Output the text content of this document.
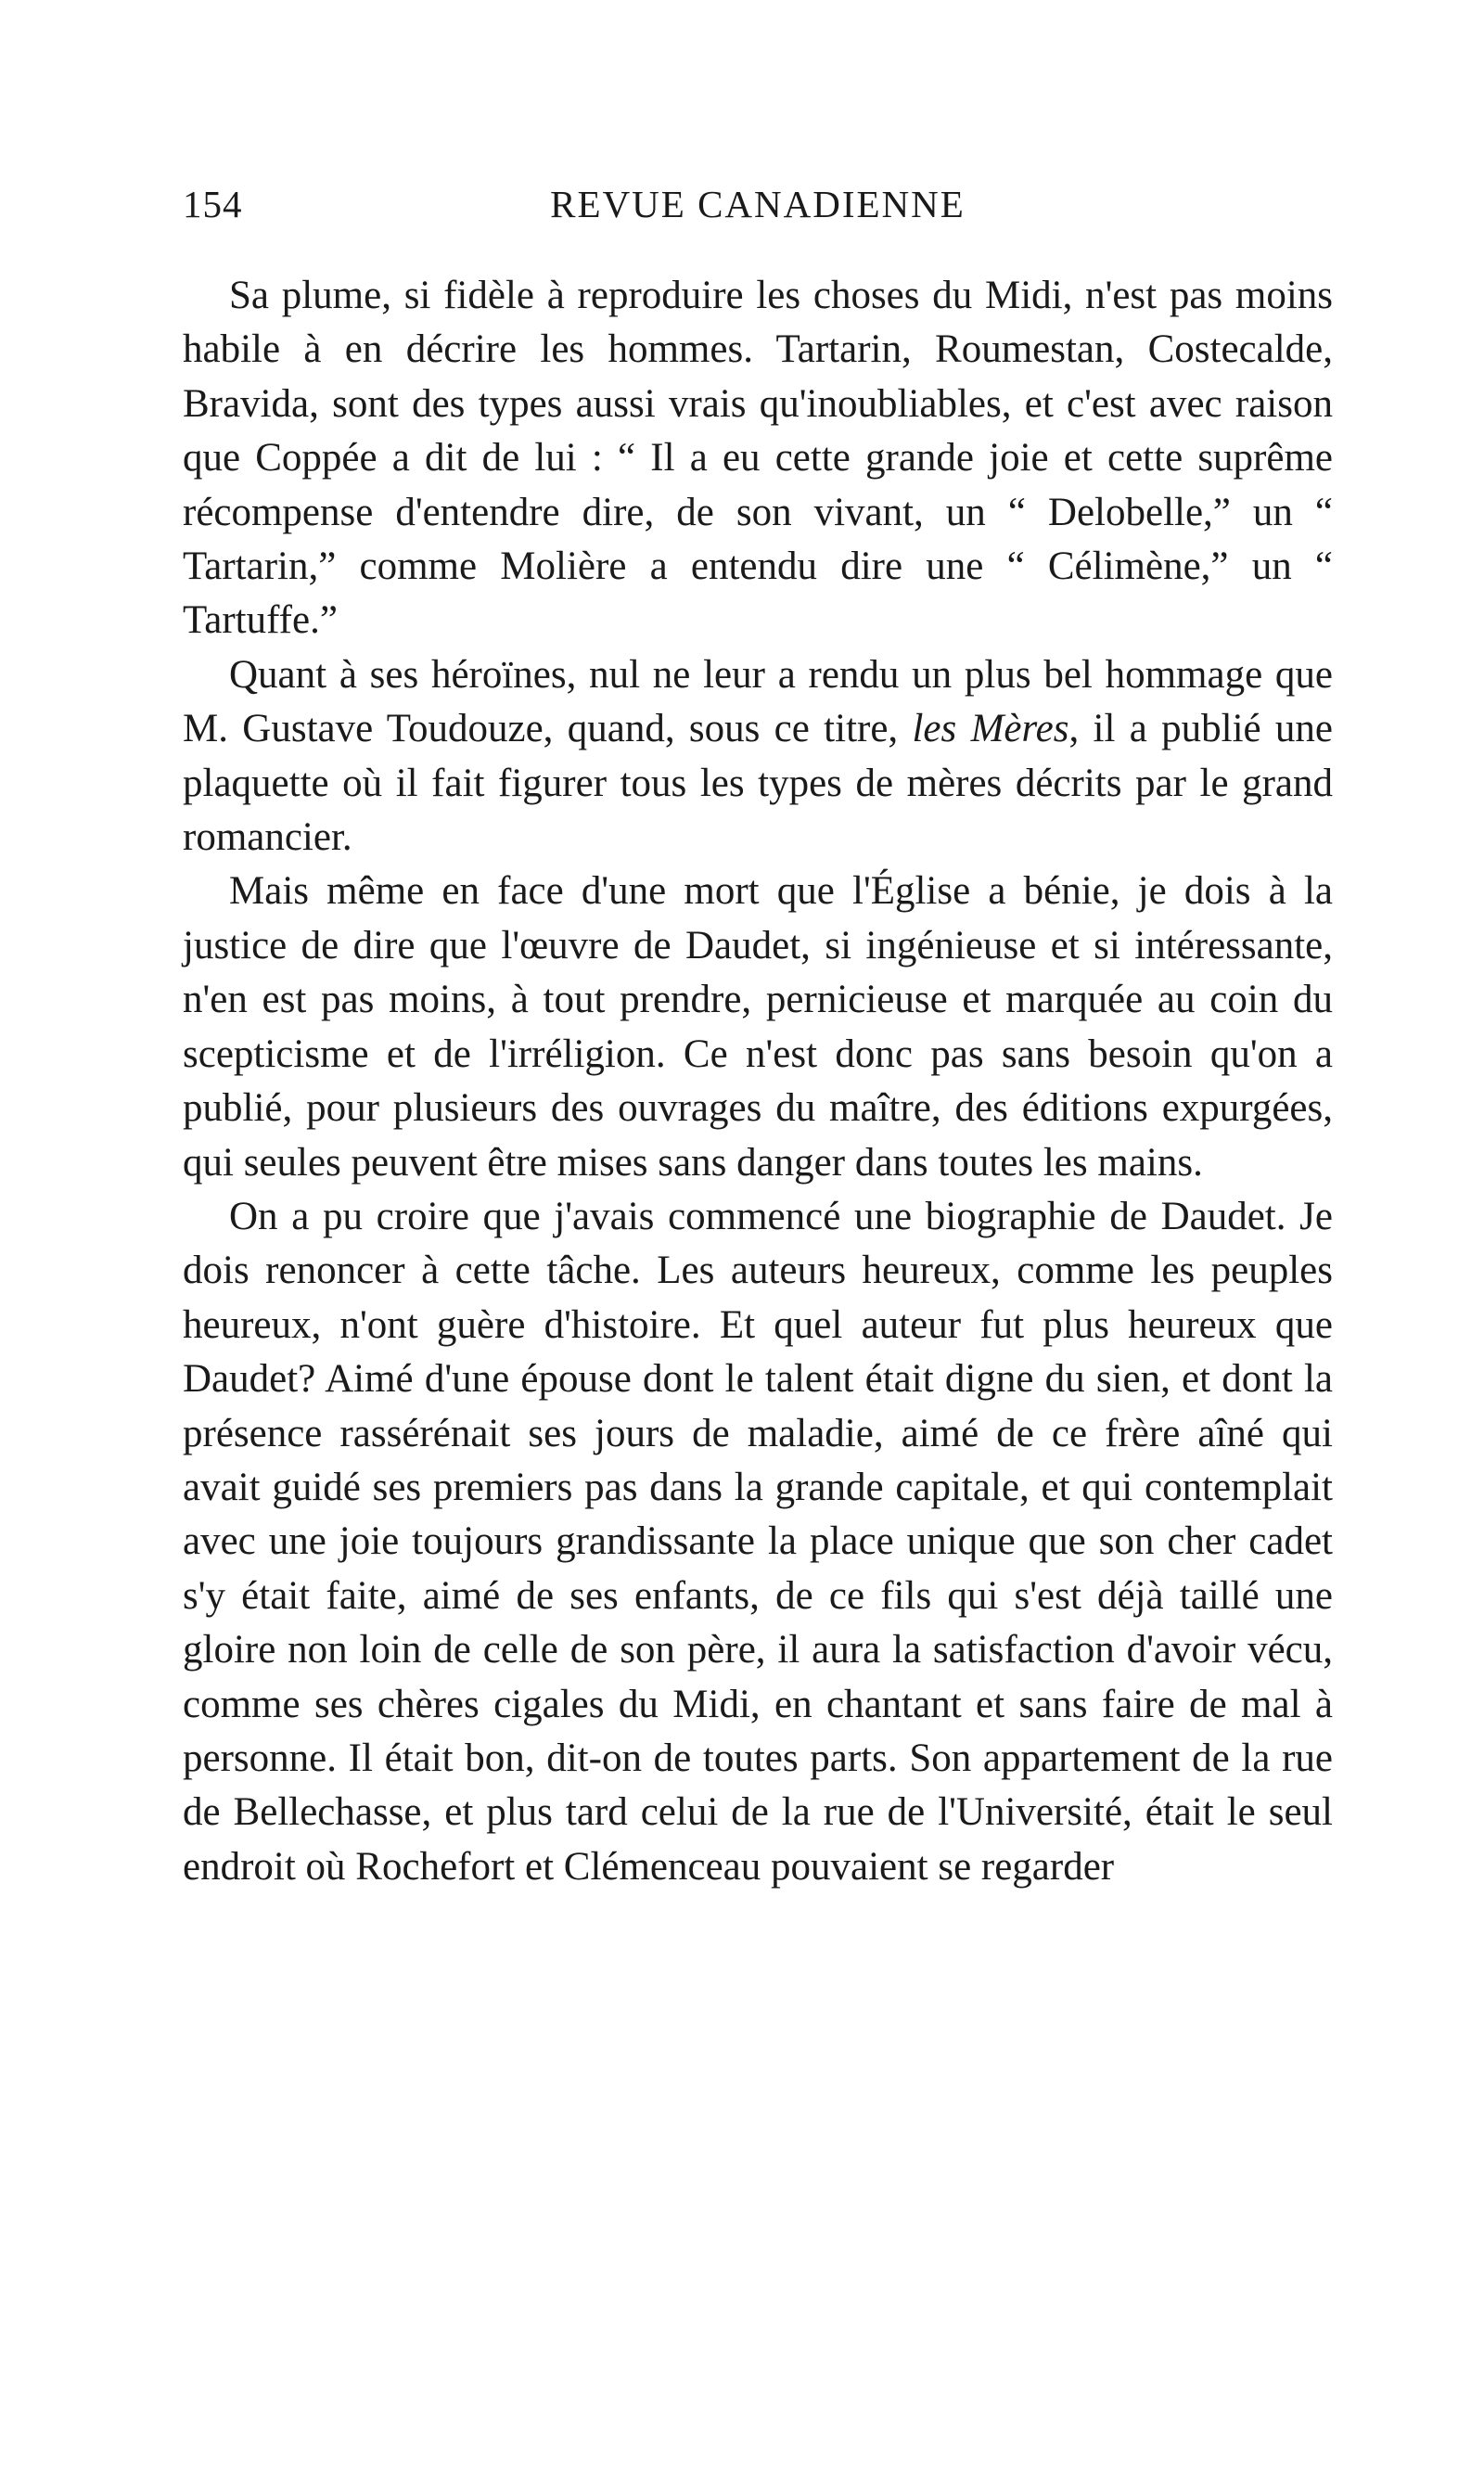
154	REVUE CANADIENNE

Sa plume, si fidèle à reproduire les choses du Midi, n'est pas moins habile à en décrire les hommes. Tartarin, Roumestan, Costecalde, Bravida, sont des types aussi vrais qu'inoubliables, et c'est avec raison que Coppée a dit de lui : “ Il a eu cette grande joie et cette suprême récompense d'entendre dire, de son vivant, un “ Delobelle,” un “ Tartarin,” comme Molière a entendu dire une “ Célimène,” un “ Tartuffe.”

Quant à ses héroïnes, nul ne leur a rendu un plus bel hommage que M. Gustave Toudouze, quand, sous ce titre, les Mères, il a publié une plaquette où il fait figurer tous les types de mères décrits par le grand romancier.

Mais même en face d'une mort que l'Église a bénie, je dois à la justice de dire que l'œuvre de Daudet, si ingénieuse et si intéressante, n'en est pas moins, à tout prendre, pernicieuse et marquée au coin du scepticisme et de l'irréligion. Ce n'est donc pas sans besoin qu'on a publié, pour plusieurs des ouvrages du maître, des éditions expurgées, qui seules peuvent être mises sans danger dans toutes les mains.

On a pu croire que j'avais commencé une biographie de Daudet. Je dois renoncer à cette tâche. Les auteurs heureux, comme les peuples heureux, n'ont guère d'histoire. Et quel auteur fut plus heureux que Daudet? Aimé d'une épouse dont le talent était digne du sien, et dont la présence rassérénait ses jours de maladie, aimé de ce frère aîné qui avait guidé ses premiers pas dans la grande capitale, et qui contemplait avec une joie toujours grandissante la place unique que son cher cadet s'y était faite, aimé de ses enfants, de ce fils qui s'est déjà taillé une gloire non loin de celle de son père, il aura la satisfaction d'avoir vécu, comme ses chères cigales du Midi, en chantant et sans faire de mal à personne. Il était bon, dit-on de toutes parts. Son appartement de la rue de Bellechasse, et plus tard celui de la rue de l'Université, était le seul endroit où Rochefort et Clémenceau pouvaient se regarder
